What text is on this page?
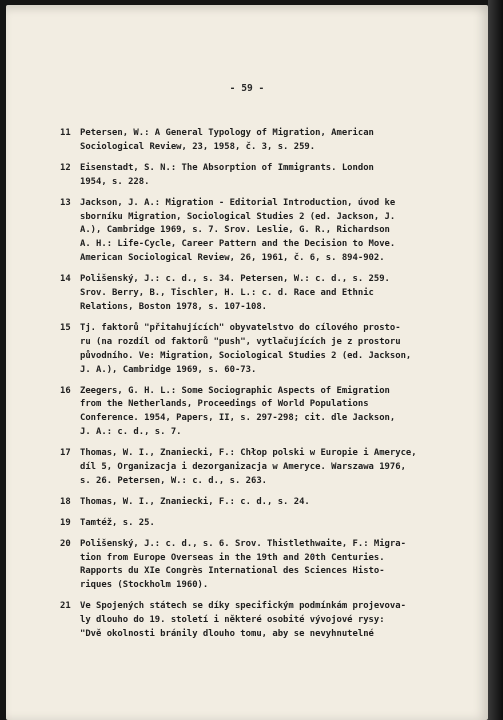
- 59 -
11	Petersen, W.: A General Typology of Migration, American
Sociological Review, 23, 1958, č. 3, s. 259.
12	Eisenstadt, S. N.: The Absorption of Immigrants. London
1954, s. 228.
13	Jackson, J. A.: Migration - Editorial Introduction, úvod ke
sborníku Migration, Sociological Studies 2 (ed. Jackson, J.
A.), Cambridge 1969, s. 7. Srov. Leslie, G. R., Richardson
A. H.: Life-Cycle, Career Pattern and the Decision to Move.
American Sociological Review, 26, 1961, č. 6, s. 894-902.
14	Polišenský, J.: c. d., s. 34. Petersen, W.: c. d., s. 259.
Srov. Berry, B., Tischler, H. L.: c. d. Race and Ethnic
Relations, Boston 1978, s. 107-108.
15	Tj. faktorů "přitahujících" obyvatelstvo do cílového prosto-
ru (na rozdíl od faktorů "push", vytlačujících je z prostoru
původního. Ve: Migration, Sociological Studies 2 (ed. Jackson,
J. A.), Cambridge 1969, s. 60-73.
16	Zeegers, G. H. L.: Some Sociographic Aspects of Emigration
from the Netherlands, Proceedings of World Populations
Conference. 1954, Papers, II, s. 297-298; cit. dle Jackson,
J. A.: c. d., s. 7.
17	Thomas, W. I., Znaniecki, F.: Chłop polski w Europie i Ameryce,
díl 5, Organizacja i dezorganizacja w Ameryce. Warszawa 1976,
s. 26. Petersen, W.: c. d., s. 263.
18	Thomas, W. I., Znaniecki, F.: c. d., s. 24.
19	Tamtéž, s. 25.
20	Polišenský, J.: c. d., s. 6. Srov. Thistlethwaite, F.: Migra-
tion from Europe Overseas in the 19th and 20th Centuries.
Rapports du XIe Congrès International des Sciences Histo-
riques (Stockholm 1960).
21	Ve Spojených státech se díky specifickým podmínkám projevova-
ly dlouho do 19. století i některé osobité vývojové rysy:
"Dvě okolnosti bránily dlouho tomu, aby se nevyhnutelné
